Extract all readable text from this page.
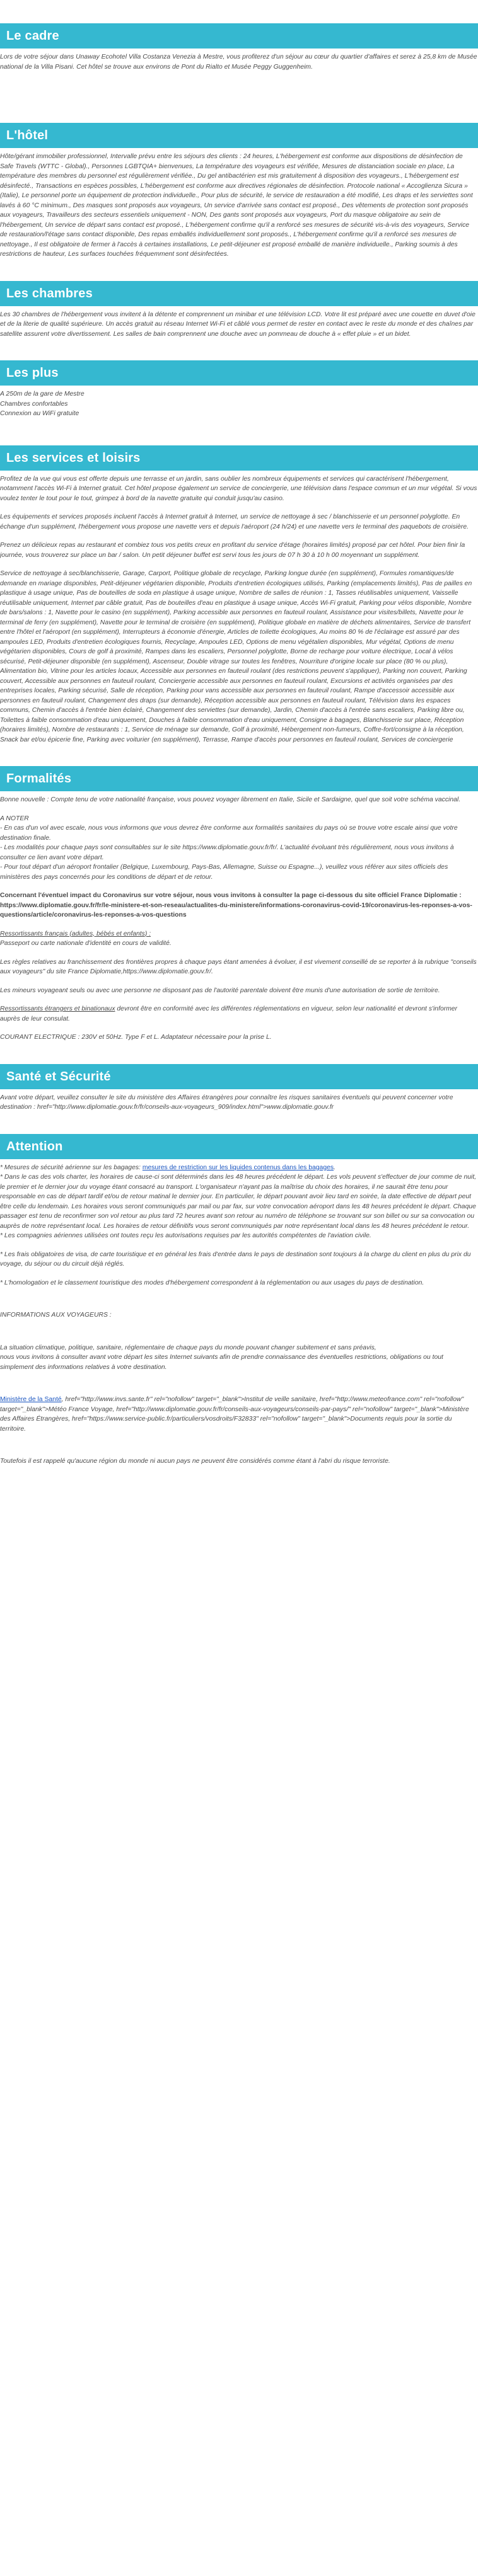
Le cadre

Lors de votre séjour dans Unaway Ecohotel Villa Costanza Venezia à Mestre, vous profiterez d'un séjour au cœur du quartier d'affaires et serez à 25,8 km de Musée national de la Villa Pisani. Cet hôtel se trouve aux environs de Pont du Rialto et Musée Peggy Guggenheim.

L'hôtel

Hôte/gérant immobilier professionnel, Intervalle prévu entre les séjours des clients : 24 heures, L'hébergement est conforme aux dispositions de désinfection de Safe Travels (WTTC - Global)., Personnes LGBTQIA+ bienvenues, La température des voyageurs est vérifiée, Mesures de distanciation sociale en place, La température des membres du personnel est régulièrement vérifiée., Du gel antibactérien est mis gratuitement à disposition des voyageurs., L'hébergement est désinfecté., Transactions en espèces possibles, L'hébergement est conforme aux directives régionales de désinfection. Protocole national « Accoglienza Sicura » (Italie), Le personnel porte un équipement de protection individuelle., Pour plus de sécurité, le service de restauration a été modifié, Les draps et les serviettes sont lavés à 60 °C minimum., Des masques sont proposés aux voyageurs, Un service d'arrivée sans contact est proposé., Des vêtements de protection sont proposés aux voyageurs, Travailleurs des secteurs essentiels uniquement - NON, Des gants sont proposés aux voyageurs, Port du masque obligatoire au sein de l'hébergement, Un service de départ sans contact est proposé., L'hébergement confirme qu'il a renforcé ses mesures de sécurité vis-à-vis des voyageurs, Service de restauration/l'étage sans contact disponible, Des repas emballés individuellement sont proposés., L'hébergement confirme qu'il a renforcé ses mesures de nettoyage., Il est obligatoire de fermer à l'accès à certaines installations, Le petit-déjeuner est proposé emballé de manière individuelle., Parking soumis à des restrictions de hauteur, Les surfaces touchées fréquemment sont désinfectées.

Les chambres

Les 30 chambres de l'hébergement vous invitent à la détente et comprennent un minibar et une télévision LCD. Votre lit est préparé avec une couette en duvet d'oie et de la literie de qualité supérieure. Un accès gratuit au réseau Internet Wi-Fi et câblé vous permet de rester en contact avec le reste du monde et des chaînes par satellite assurent votre divertissement. Les salles de bain comprennent une douche avec un pommeau de douche à « effet pluie » et un bidet.

Les plus
A 250m de la gare de Mestre
Chambres confortables
Connexion au WiFi gratuite
Les services et loisirs

Profitez de la vue qui vous est offerte depuis une terrasse et un jardin, sans oublier les nombreux équipements et services qui caractérisent l'hébergement, notamment l'accès Wi-Fi à Internet gratuit. Cet hôtel propose également un service de conciergerie, une télévision dans l'espace commun et un mur végétal. Si vous voulez tenter le tout pour le tout, grimpez à bord de la navette gratuite qui conduit jusqu'au casino.

Les équipements et services proposés incluent l'accès à Internet gratuit à Internet, un service de nettoyage à sec / blanchisserie et un personnel polyglotte. En échange d'un supplément, l'hébergement vous propose une navette vers et depuis l'aéroport (24 h/24) et une navette vers le terminal des paquebots de croisière.

Prenez un délicieux repas au restaurant et combiez tous vos petits creux en profitant du service d'étage (horaires limités) proposé par cet hôtel. Pour bien finir la journée, vous trouverez sur place un bar / salon. Un petit déjeuner buffet est servi tous les jours de 07 h 30 à 10 h 00 moyennant un supplément.

Service de nettoyage à sec/blanchisserie, Garage, Carport, Politique globale de recyclage, Parking longue durée (en supplément), Formules romantiques/de demande en mariage disponibles, Petit-déjeuner végétarien disponible, Produits d'entretien écologiques utilisés, Parking (emplacements limités), Pas de pailles en plastique à usage unique, Pas de bouteilles de soda en plastique à usage unique, Nombre de salles de réunion : 1, Tasses réutilisables uniquement, Vaisselle réutilisable uniquement, Internet par câble gratuit, Pas de bouteilles d'eau en plastique à usage unique, Accès Wi-Fi gratuit, Parking pour vélos disponible, Nombre de bars/salons : 1, Navette pour le casino (en supplément), Parking accessible aux personnes en fauteuil roulant, Assistance pour visites/billets, Navette pour le terminal de ferry (en supplément), Navette pour le terminal de croisière (en supplément), Politique globale en matière de déchets alimentaires, Service de transfert entre l'hôtel et l'aéroport (en supplément), Interrupteurs à économie d'énergie, Articles de toilette écologiques, Au moins 80 % de l'éclairage est assuré par des ampoules LED, Produits d'entretien écologiques fournis, Recyclage, Ampoules LED, Options de menu végétalien disponibles, Mur végétal, Options de menu végétarien disponibles, Cours de golf à proximité, Rampes dans les escaliers, Personnel polyglotte, Borne de recharge pour voiture électrique, Local à vélos sécurisé, Petit-déjeuner disponible (en supplément), Ascenseur, Double vitrage sur toutes les fenêtres, Nourriture d'origine locale sur place (80 % ou plus), Alimentation bio, Vitrine pour les articles locaux, Accessible aux personnes en fauteuil roulant (des restrictions peuvent s'appliquer), Parking non couvert, Parking couvert, Accessible aux personnes en fauteuil roulant, Conciergerie accessible aux personnes en fauteuil roulant, Excursions et activités organisées par des entreprises locales, Parking sécurisé, Salle de réception, Parking pour vans accessible aux personnes en fauteuil roulant, Rampe d'accessoir accessible aux personnes en fauteuil roulant, Changement des draps (sur demande), Réception accessible aux personnes en fauteuil roulant, Télévision dans les espaces communs, Chemin d'accès à l'entrée bien éclairé, Changement des serviettes (sur demande), Jardin, Chemin d'accès à l'entrée sans escaliers, Parking libre ou, Toilettes à faible consommation d'eau uniquement, Douches à faible consommation d'eau uniquement, Consigne à bagages, Blanchisserie sur place, Réception (horaires limités), Nombre de restaurants : 1, Service de ménage sur demande, Golf à proximité, Hébergement non-fumeurs, Coffre-fort/consigne à la réception, Snack bar et/ou épicerie fine, Parking avec voiturier (en supplément), Terrasse, Rampe d'accès pour personnes en fauteuil roulant, Services de conciergerie

Formalités

Bonne nouvelle : Compte tenu de votre nationalité française, vous pouvez voyager librement en Italie, Sicile et Sardaigne, quel que soit votre schéma vaccinal.

A NOTER
- En cas d'un vol avec escale, nous vous informons que vous devrez être conforme aux formalités sanitaires du pays où se trouve votre escale ainsi que votre destination finale.
- Les modalités pour chaque pays sont consultables sur le site https://www.diplomatie.gouv.fr/fr/. L'actualité évoluant très régulièrement, nous vous invitons à consulter ce lien avant votre départ.

- Pour tout départ d'un aéroport frontalier (Belgique, Luxembourg, Pays-Bas, Allemagne, Suisse ou Espagne...), veuillez vous référer aux sites officiels des ministères des pays concernés pour les conditions de départ et de retour.

Concernant l'éventuel impact du Coronavirus sur votre séjour, nous vous invitons à consulter la page ci-dessous du site officiel France Diplomatie : https://www.diplomatie.gouv.fr/fr/le-ministere-et-son-reseau/actualites-du-ministere/informations-coronavirus-covid-19/coronavirus-les-reponses-a-vos-questions/article/coronavirus-les-reponses-a-vos-questions

Ressortissants français (adultes, bébés et enfants) :

Passeport ou carte nationale d'identité en cours de validité.

Les règles relatives au franchissement des frontières propres à chaque pays étant amenées à évoluer, il est vivement conseillé de se reporter à la rubrique "conseils aux voyageurs" du site France Diplomatie,https://www.diplomatie.gouv.fr/.

Les mineurs voyageant seuls ou avec une personne ne disposant pas de l'autorité parentale doivent être munis d'une autorisation de sortie de territoire.

Ressortissants étrangers et binationaux devront être en conformité avec les différentes réglementations en vigueur, selon leur nationalité et devront s'informer auprès de leur consulat.

COURANT ELECTRIQUE : 230V et 50Hz. Type F et L. Adaptateur nécessaire pour la prise L.

Santé et Sécurité

Avant votre départ, veuillez consulter le site du ministère des Affaires étrangères pour connaître les risques sanitaires éventuels qui peuvent concerner votre destination : href="http://www.diplomatie.gouv.fr/fr/conseils-aux-voyageurs_909/index.html">www.diplomatie.gouv.fr

Attention

* Mesures de sécurité aérienne sur les bagages: mesures de restriction sur les liquides contenus dans les bagages.
* Dans le cas des vols charter, les horaires de cause-ci sont déterminés dans les 48 heures précédent le départ. Les vols peuvent s'effectuer de jour comme de nuit, le premier et le dernier jour du voyage étant consacré au transport. L'organisateur n'ayant pas la maîtrise du choix des horaires, il ne saurait être tenu pour responsable en cas de départ tardif et/ou de retour matinal le dernier jour. En particulier, le départ pouvant avoir lieu tard en soirée, la date effective de départ peut être celle du lendemain. Les horaires vous seront communiqués par mail ou par fax, sur votre convocation aéroport dans les 48 heures précédent le départ. Chaque passager est tenu de reconfirmer son vol retour au plus tard 72 heures avant son retour au numéro de téléphone se trouvant sur son billet ou sur sa convocation ou auprès de notre représentant local. Les horaires de retour définitifs vous seront communiqués par notre représentant local dans les 48 heures précédent le retour.
* Les compagnies aériennes utilisées ont toutes reçu les autorisations requises par les autorités compétentes de l'aviation civile.

* Les frais obligatoires de visa, de carte touristique et en général les frais d'entrée dans le pays de destination sont toujours à la charge du client en plus du prix du voyage, du séjour ou du circuit déjà réglés.

* L'homologation et le classement touristique des modes d'hébergement correspondent à la réglementation ou aux usages du pays de destination.

INFORMATIONS AUX VOYAGEURS :

La situation climatique, politique, sanitaire, réglementaire de chaque pays du monde pouvant changer subitement et sans préavis,
nous vous invitons à consulter avant votre départ les sites Internet suivants afin de prendre connaissance des éventuelles restrictions, obligations ou tout simplement des informations relatives à votre destination.

Ministère de la Santé, href="http://www.invs.sante.fr" rel="nofollow" target="_blank">Institut de veille sanitaire, href="http://www.meteofrance.com" rel="nofollow" target="_blank">Météo France Voyage, href="http://www.diplomatie.gouv.fr/fr/conseils-aux-voyageurs/conseils-par-pays/" rel="nofollow" target="_blank">Ministère des Affaires Étrangères, href="https://www.service-public.fr/particuliers/vosdroits/F32833" rel="nofollow" target="_blank">Documents requis pour la sortie du territoire.

Toutefois il est rappelé qu'aucune région du monde ni aucun pays ne peuvent être considérés comme étant à l'abri du risque terroriste.
